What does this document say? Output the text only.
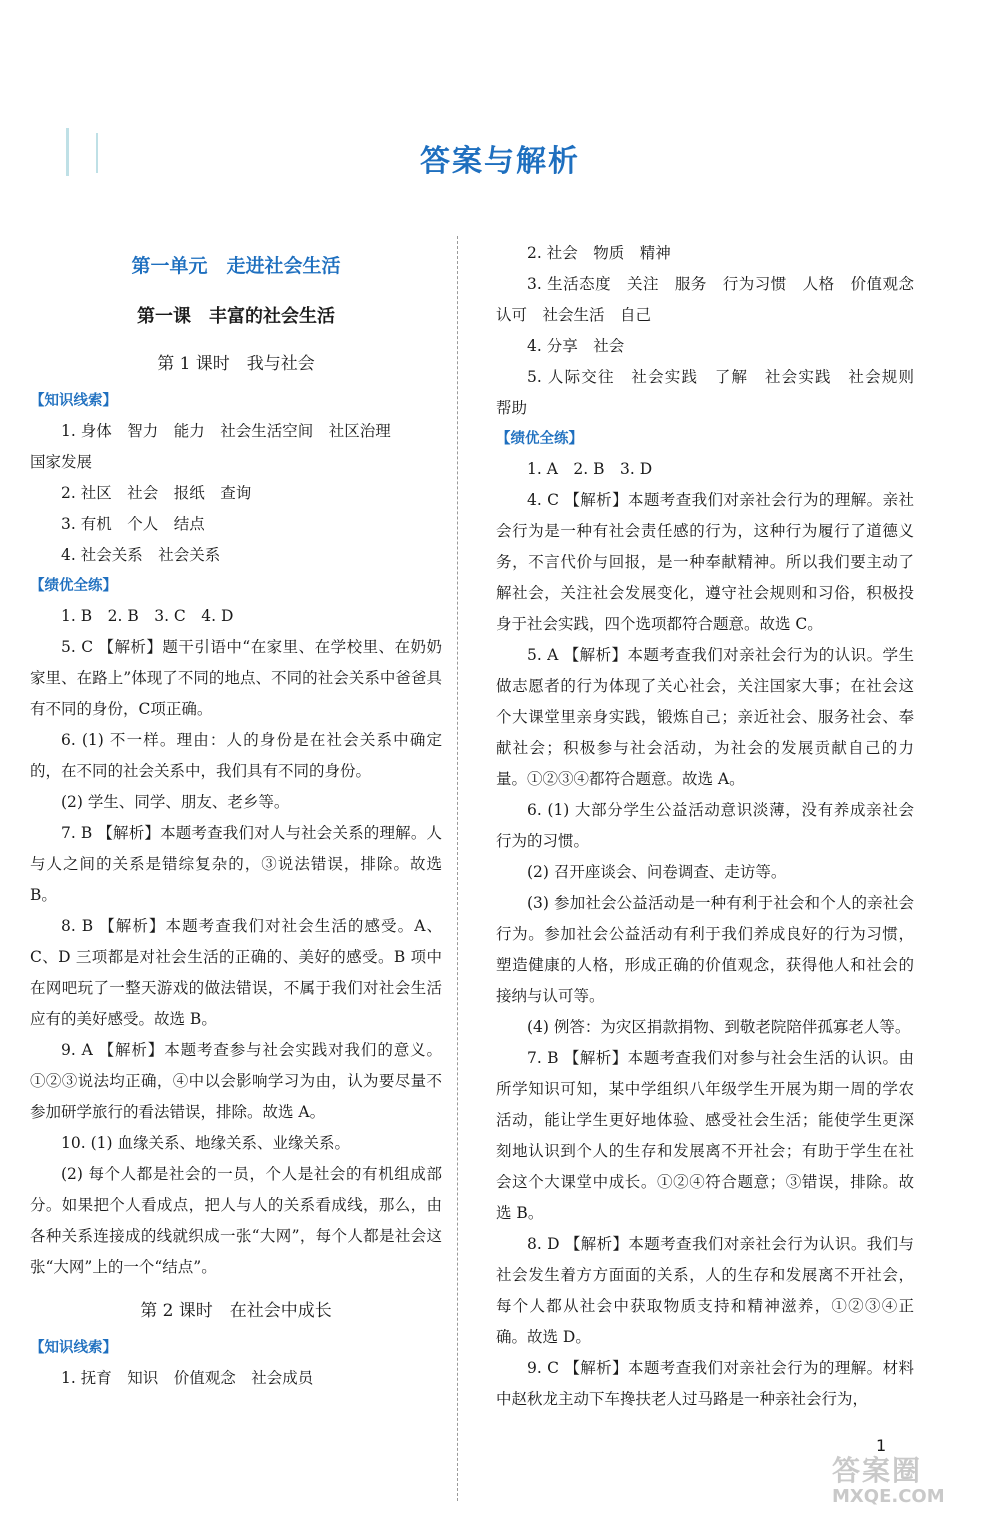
答案与解析
第一单元　走进社会生活
第一课　丰富的社会生活
第 1 课时　我与社会
【知识线索】

1. 身体　智力　能力　社会生活空间　社区治理

国家发展

2. 社区　社会　报纸　查询

3. 有机　个人　结点

4. 社会关系　社会关系

【绩优全练】

1. B　2. B　3. C　4. D

5. C 【解析】题干引语中“在家里、在学校里、在奶奶家里、在路上”体现了不同的地点、不同的社会关系中爸爸具有不同的身份，C项正确。

6. (1) 不一样。理由：人的身份是在社会关系中确定的，在不同的社会关系中，我们具有不同的身份。

(2) 学生、同学、朋友、老乡等。

7. B 【解析】本题考查我们对人与社会关系的理解。人与人之间的关系是错综复杂的，③说法错误，排除。故选 B。

8. B 【解析】本题考查我们对社会生活的感受。A、C、D 三项都是对社会生活的正确的、美好的感受。B 项中在网吧玩了一整天游戏的做法错误，不属于我们对社会生活应有的美好感受。故选 B。

9. A 【解析】本题考查参与社会实践对我们的意义。①②③说法均正确，④中以会影响学习为由，认为要尽量不参加研学旅行的看法错误，排除。故选 A。

10. (1) 血缘关系、地缘关系、业缘关系。

(2) 每个人都是社会的一员，个人是社会的有机组成部分。如果把个人看成点，把人与人的关系看成线，那么，由各种关系连接成的线就织成一张“大网”，每个人都是社会这张“大网”上的一个“结点”。

第 2 课时　在社会中成长
【知识线索】

1. 抚育　知识　价值观念　社会成员

2. 社会　物质　精神

3. 生活态度　关注　服务　行为习惯　人格　价值观念　认可　社会生活　自己

4. 分享　社会

5. 人际交往　社会实践　了解　社会实践　社会规则　帮助

【绩优全练】

1. A　2. B　3. D

4. C 【解析】本题考查我们对亲社会行为的理解。亲社会行为是一种有社会责任感的行为，这种行为履行了道德义务，不言代价与回报，是一种奉献精神。所以我们要主动了解社会，关注社会发展变化，遵守社会规则和习俗，积极投身于社会实践，四个选项都符合题意。故选 C。

5. A 【解析】本题考查我们对亲社会行为的认识。学生做志愿者的行为体现了关心社会，关注国家大事；在社会这个大课堂里亲身实践，锻炼自己；亲近社会、服务社会、奉献社会；积极参与社会活动，为社会的发展贡献自己的力量。①②③④都符合题意。故选 A。

6. (1) 大部分学生公益活动意识淡薄，没有养成亲社会行为的习惯。

(2) 召开座谈会、问卷调查、走访等。

(3) 参加社会公益活动是一种有利于社会和个人的亲社会行为。参加社会公益活动有利于我们养成良好的行为习惯，塑造健康的人格，形成正确的价值观念，获得他人和社会的接纳与认可等。

(4) 例答：为灾区捐款捐物、到敬老院陪伴孤寡老人等。

7. B 【解析】本题考查我们对参与社会生活的认识。由所学知识可知，某中学组织八年级学生开展为期一周的学农活动，能让学生更好地体验、感受社会生活；能使学生更深刻地认识到个人的生存和发展离不开社会；有助于学生在社会这个大课堂中成长。①②④符合题意；③错误，排除。故选 B。

8. D 【解析】本题考查我们对亲社会行为认识。我们与社会发生着方方面面的关系，人的生存和发展离不开社会，每个人都从社会中获取物质支持和精神滋养，①②③④正确。故选 D。

9. C 【解析】本题考查我们对亲社会行为的理解。材料中赵秋龙主动下车搀扶老人过马路是一种亲社会行为，

1
答案圈
MXQE.COM
